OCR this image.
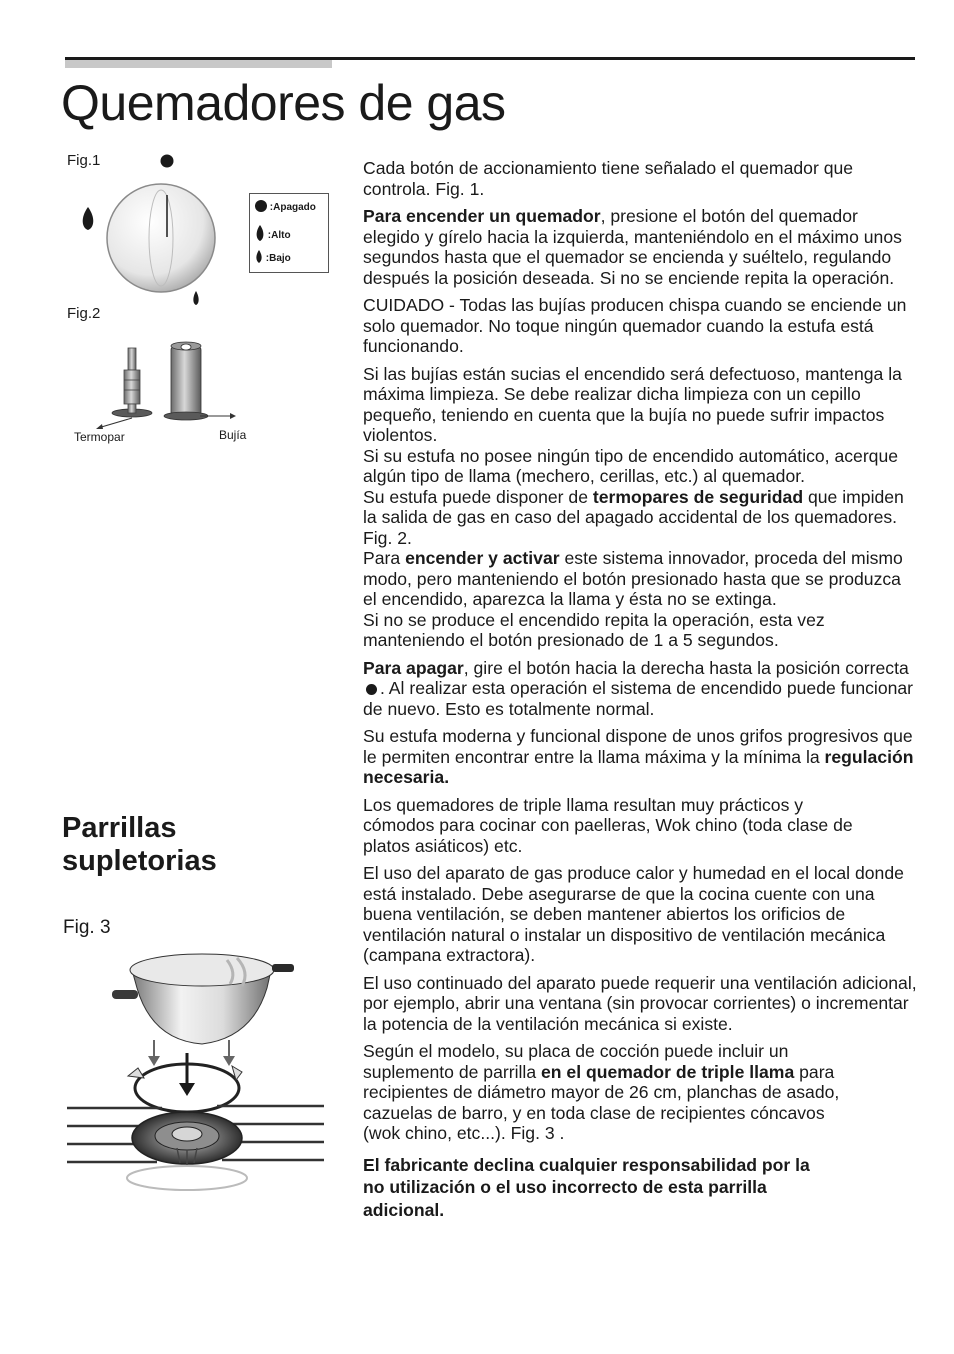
Quemadores de gas
Fig.1
:Apagado
:Alto
:Bajo
Fig.2
Termopar	Bujía
Parrillas
supletorias
Fig. 3

Cada botón de accionamiento tiene señalado el quemador que controla. Fig. 1.

Para encender un quemador, presione el botón del quemador elegido y gírelo hacia la izquierda, manteniéndolo en el máximo unos segundos hasta que el quemador se encienda y suéltelo, regulando después la posición deseada. Si no se enciende repita la operación.

CUIDADO - Todas las bujías producen chispa cuando se enciende un solo quemador. No toque ningún quemador cuando la estufa está funcionando.

Si las bujías están sucias el encendido será defectuoso, mantenga la máxima limpieza. Se debe realizar dicha limpieza con un cepillo pequeño, teniendo en cuenta que la bujía no puede sufrir impactos violentos.

Si su estufa no posee ningún tipo de encendido automático, acerque algún tipo de llama (mechero, cerillas, etc.) al quemador.

Su estufa puede disponer de termopares de seguridad que impiden la salida de gas en caso del apagado accidental de los quemadores. Fig. 2.

Para encender y activar este sistema innovador, proceda del mismo modo, pero manteniendo el botón presionado hasta que se produzca el encendido, aparezca la llama y ésta no se extinga.

Si no se produce el encendido repita la operación, esta vez manteniendo el botón presionado de 1 a 5 segundos.

Para apagar, gire el botón hacia la derecha hasta la posición correcta . Al realizar esta operación el sistema de encendido puede funcionar de nuevo. Esto es totalmente normal.

Su estufa moderna y funcional dispone de unos grifos progresivos que le permiten encontrar entre la llama máxima y la mínima la regulación necesaria.

Los quemadores de triple llama resultan muy prácticos y cómodos para cocinar con paelleras, Wok chino (toda clase de platos asiáticos) etc.

El uso del aparato de gas produce calor y humedad en el local donde está instalado. Debe asegurarse de que la cocina cuente con una buena ventilación, se deben mantener abiertos los orificios de ventilación natural o instalar un dispositivo de ventilación mecánica (campana extractora).

El uso continuado del aparato puede requerir una ventilación adicional, por ejemplo, abrir una ventana (sin provocar corrientes) o incrementar la potencia de la ventilación mecánica si existe.

Según el modelo, su placa de cocción puede incluir un suplemento de parrilla en el quemador de triple llama para recipientes de diámetro mayor de 26 cm, planchas de asado, cazuelas de barro, y en toda clase de recipientes cóncavos (wok chino, etc...). Fig. 3 .

El fabricante declina cualquier responsabilidad por la no utilización o el uso incorrecto de esta parrilla adicional.
